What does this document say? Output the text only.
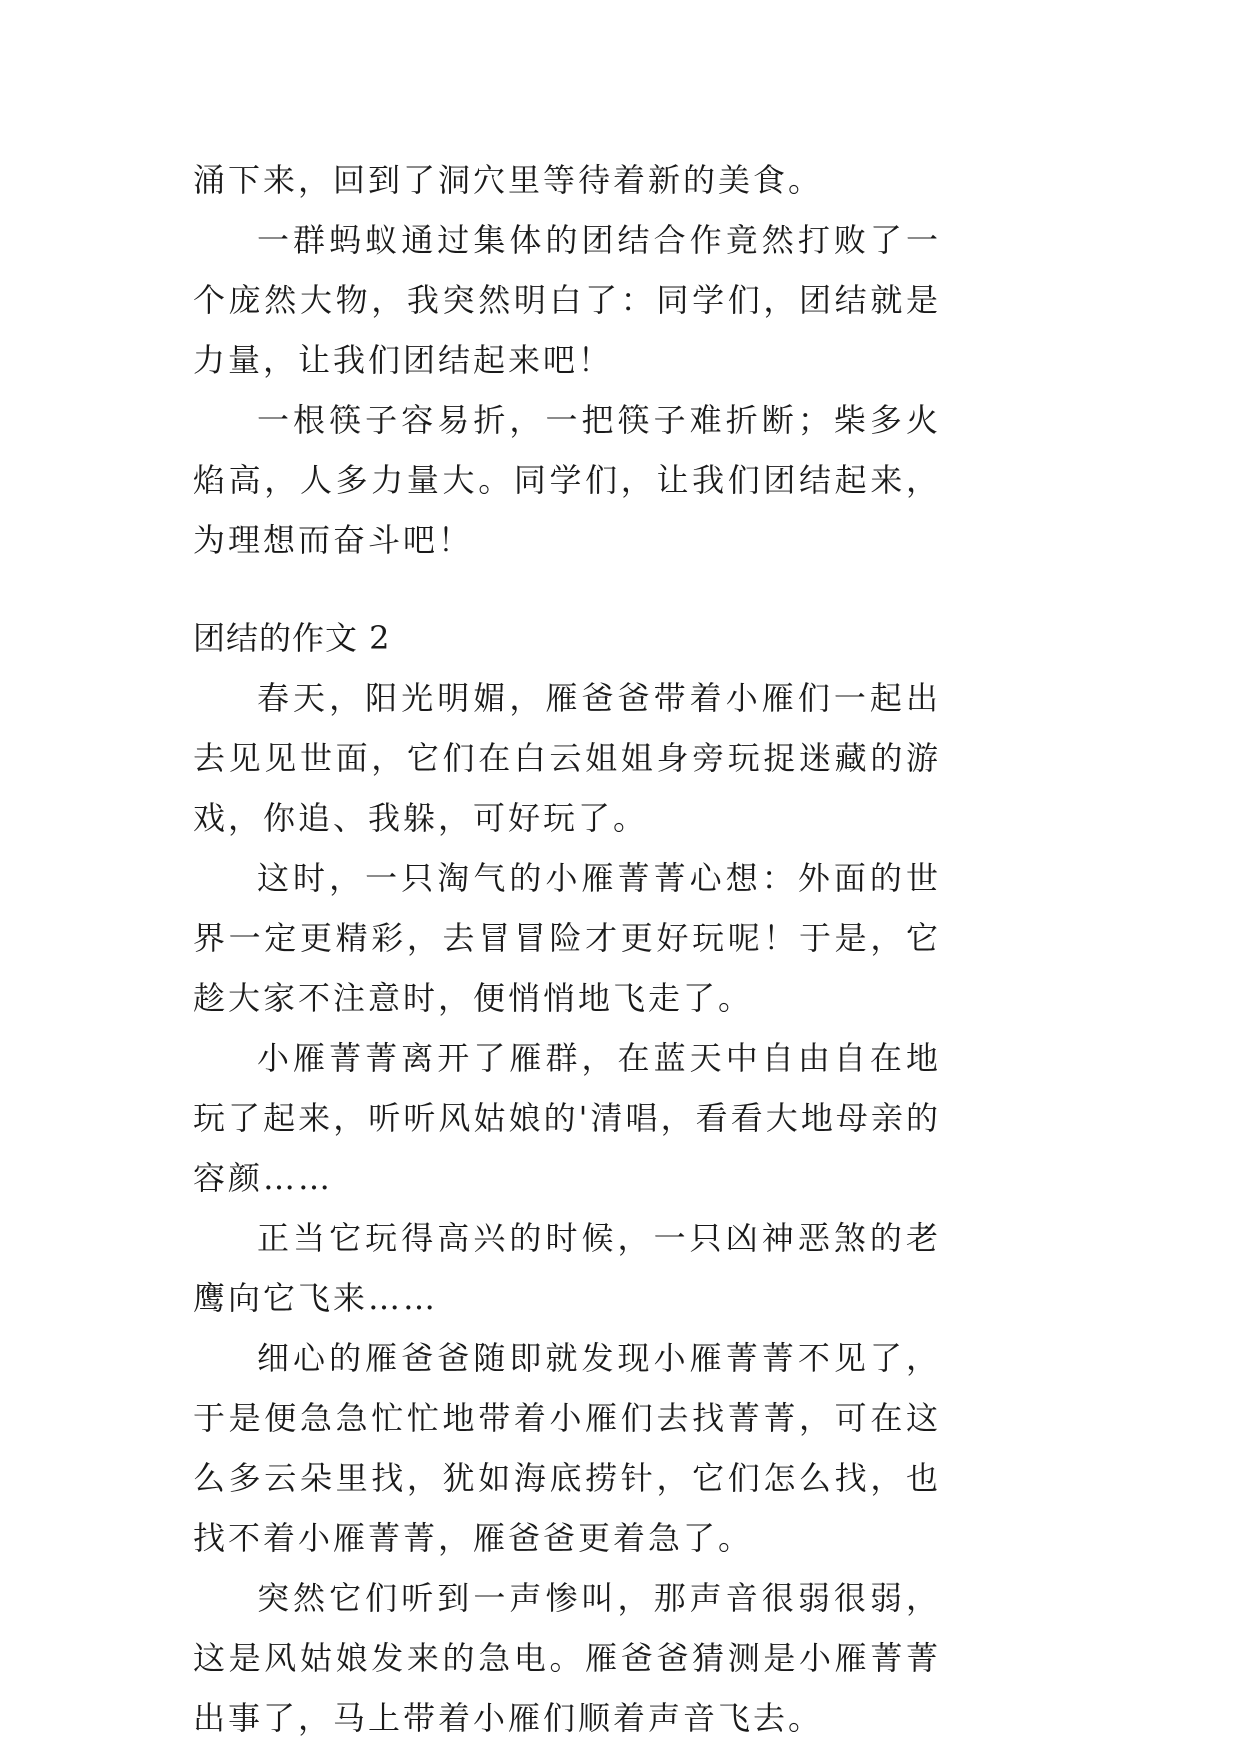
涌下来，回到了洞穴里等待着新的美食。

一群蚂蚁通过集体的团结合作竟然打败了一个庞然大物，我突然明白了：同学们，团结就是力量，让我们团结起来吧！

一根筷子容易折，一把筷子难折断；柴多火焰高，人多力量大。同学们，让我们团结起来，为理想而奋斗吧！

团结的作文 2

春天，阳光明媚，雁爸爸带着小雁们一起出去见见世面，它们在白云姐姐身旁玩捉迷藏的游戏，你追、我躲，可好玩了。

这时，一只淘气的小雁菁菁心想：外面的世界一定更精彩，去冒冒险才更好玩呢！于是，它趁大家不注意时，便悄悄地飞走了。

小雁菁菁离开了雁群，在蓝天中自由自在地玩了起来，听听风姑娘的'清唱，看看大地母亲的容颜……

正当它玩得高兴的时候，一只凶神恶煞的老鹰向它飞来……

细心的雁爸爸随即就发现小雁菁菁不见了，于是便急急忙忙地带着小雁们去找菁菁，可在这么多云朵里找，犹如海底捞针，它们怎么找，也找不着小雁菁菁，雁爸爸更着急了。

突然它们听到一声惨叫，那声音很弱很弱，这是风姑娘发来的急电。雁爸爸猜测是小雁菁菁出事了，马上带着小雁们顺着声音飞去。
